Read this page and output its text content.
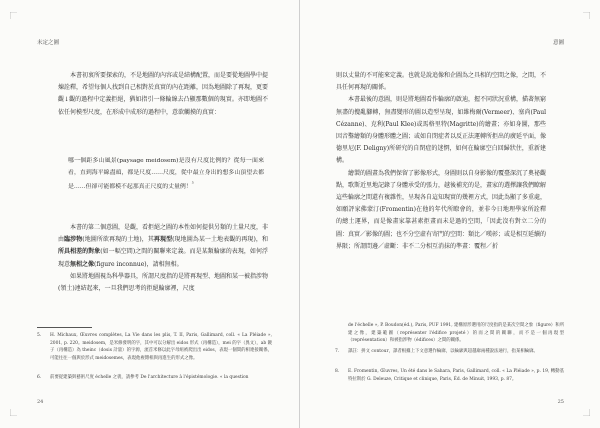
未定之圖

本書初衷所要探索的，不是地圖的內容或是結構配置，而是要從地圖學中提煉詮釋，希望每個人找到自己相對於真實的內在距離，因為地圖除了再現，更要觀↓觀的過程中定義拒絕，猶如指引一條輪線去凸顯那數個的現實。亦即地圖不依任何模型尺度，在形成中成形的過程中，意欲觸摸的真實：

哪一個距多山風景(paysage meidosem)是沒有尺度比例的？從每一面來看，直到海平線盡頭，都是尺度……尺度，從中最立身出的想多山頂望去都是……但卻可能都模不起那真正尺度的丈量例！$^{^5}$

本書的第二個意圖，是觀，看拒絕之圖的本性如何提供另類的土量尺度，非由臨涉物(地圖所欲再現的土地)，其再現型(現地圖為某一土地表觀的再現)，和所具相差的對象(如一幅空間)之間的關聯來定義。而是某類輪廓的表現，如何浮現意無相之像(figure inconnue)，請相無相。

如果將地圖視為科學器具，所謂尺度指的是將再現型、地圖和某一被指涉物(領土)連結起來，一旦我們思考的拒絕輪廓裡，尺度

5. H. Michaux, Œuvres complètes, La Vie dans les plis, T. II, Paris, Gallimard, coll. « La Pléiade », 2001, p. 220。meidosem，是米修發明的字，其中可以分解出 eidos 形式（再構造），mei 的字（異文），ab 鍍子（再構造）為 theinc（dosis 計量）的字源，流首米修以此字母組被爬出出 eidos，表現一個間的相連接關係，可能往往一個與於形式 meidosemes，表現他複雜相與再進生的形式之像。
6. 前要從建築與藝術尺度 échelle 之義，請參考 De l'architecture à l'épistémologie. « la question
24
意圖

則以丈量的不可能來定義。也就是說追像和企圖為之具相的空間之像，之間，不具任何再現的關係。

本書最後的意圖，則是將地圖看作輪廓的啟迪，握不同狀況重構，描著無窮無盡的攪亂腳轉，無盡變形的圖以造型呈現，如維梅爾(Vermeer)、塞尚(Paul Cézanne)、克利(Paul Klee)或馬格里特(Magritte)的繪畫；亦如身圖，那些因音鑿繪類的身體形體之圖；或如自閉症者以反正法運轉所拒出的廣延平面，像德里尼(F. Deligny)所研究的自閉症的迷惘，如何在輪廓空白回歸狀住，重新建構。

繪製的圖畫為我們保留了影像形式，身圖則以自身影像的覆臺深沉了奧祕觀點，歌斯近里地記錄了身體承受的張力，越後補充的是，畫家的選擇讓我們瞭解這些輪廓之間還有複雜性，呈現各自這知現實的幾裡方式，因此為顯了多重處，如願評家佛蒙汀(Fromentin)在他的年代所瞭會的，並非今日地理學家所詮釋的總土運界，而是像畫家靠甚素拒畫而未是過的空間，「因此沒有對立二分的圖：真實／影像的圖；也不分空虛有寄門的空間：類比／嘆彰；或是相互延續的界限；所謂問邊／虛斷：非不二分相互消抹的準畫：覆程／折

de l'échelle », P. Boudon(éd.), Paris, PUF 1991, 建構原形選用的尺度指的是某次空間之象（figure）和所建之像，建築範圖（représenter l'édifice projeté）的而之間的關聯，而不是一個再現型（représentation）和被指涉物（édifices）之間的關係。
7. 譯註：拼文 contour，譯者根據上下文意選作輪廓，以輪廓與超越廓兩種說法通行，指某相輪廓。
8. E. Fromentin, Œuvres, Un été dans le Sahara, Paris, Gallimard, coll. « La Pléiade », p. 19, 轉動基特拉斯於 G. Deleuze, Critique et clinique, Paris, Éd. de Minuit, 1993, p. 87。
25
